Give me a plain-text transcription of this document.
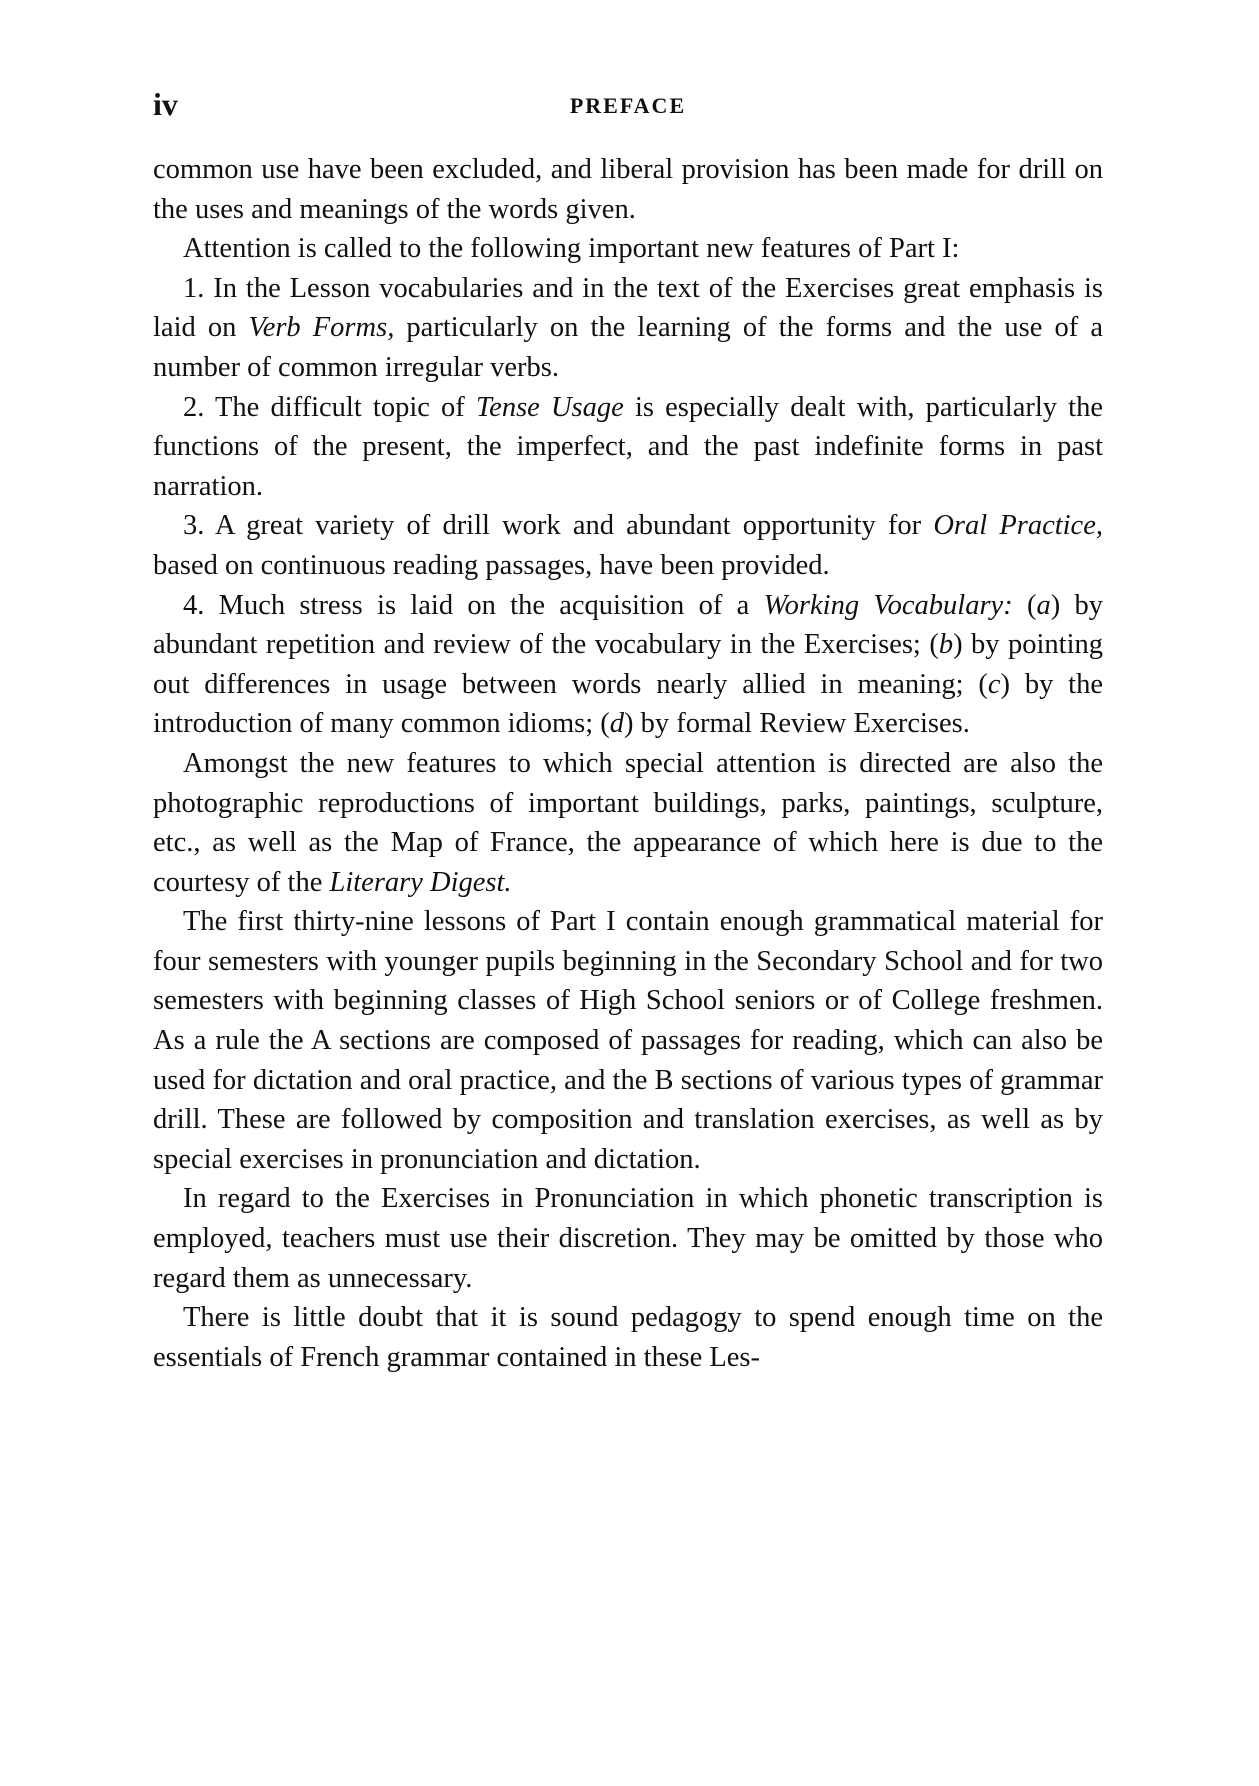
iv	PREFACE

common use have been excluded, and liberal provision has been made for drill on the uses and meanings of the words given.

Attention is called to the following important new features of Part I:

1. In the Lesson vocabularies and in the text of the Exercises great emphasis is laid on Verb Forms, particularly on the learning of the forms and the use of a number of common irregular verbs.

2. The difficult topic of Tense Usage is especially dealt with, particularly the functions of the present, the imperfect, and the past indefinite forms in past narration.

3. A great variety of drill work and abundant opportunity for Oral Practice, based on continuous reading passages, have been provided.

4. Much stress is laid on the acquisition of a Working Vocabulary: (a) by abundant repetition and review of the vocabulary in the Exercises; (b) by pointing out differences in usage between words nearly allied in meaning; (c) by the introduction of many common idioms; (d) by formal Review Exercises.

Amongst the new features to which special attention is directed are also the photographic reproductions of important buildings, parks, paintings, sculpture, etc., as well as the Map of France, the appearance of which here is due to the courtesy of the Literary Digest.

The first thirty-nine lessons of Part I contain enough grammatical material for four semesters with younger pupils beginning in the Secondary School and for two semesters with beginning classes of High School seniors or of College freshmen. As a rule the A sections are composed of passages for reading, which can also be used for dictation and oral practice, and the B sections of various types of grammar drill. These are followed by composition and translation exercises, as well as by special exercises in pronunciation and dictation.

In regard to the Exercises in Pronunciation in which phonetic transcription is employed, teachers must use their discretion. They may be omitted by those who regard them as unnecessary.

There is little doubt that it is sound pedagogy to spend enough time on the essentials of French grammar contained in these Les-
